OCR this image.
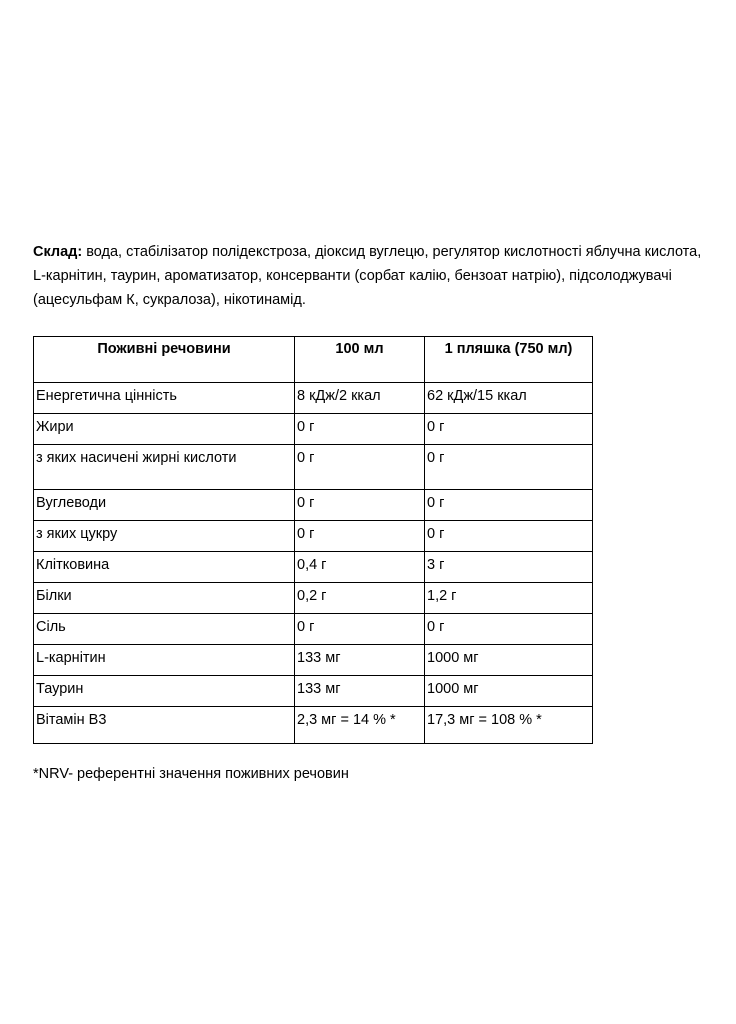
Склад: вода, стабілізатор полідекстроза, діоксид вуглецю, регулятор кислотності яблучна кислота, L-карнітин, таурин, ароматизатор, консерванти (сорбат калію, бензоат натрію), підсолоджувачі (ацесульфам К, сукралоза), нікотинамід.

Поживні речовини	100 мл	1 пляшка (750 мл)
Енергетична цінність	8 кДж/2 ккал	62 кДж/15 ккал
Жири	0 г	0 г
з яких насичені жирні кислоти	0 г	0 г
Вуглеводи	0 г	0 г
з яких цукру	0 г	0 г
Клітковина	0,4 г	3 г
Білки	0,2 г	1,2 г
Сіль	0 г	0 г
L-карнітин	133 мг	1000 мг
Таурин	133 мг	1000 мг
Вітамін B3	2,3 мг = 14 % *	17,3 мг = 108 % *
*NRV- референтні значення поживних речовин
